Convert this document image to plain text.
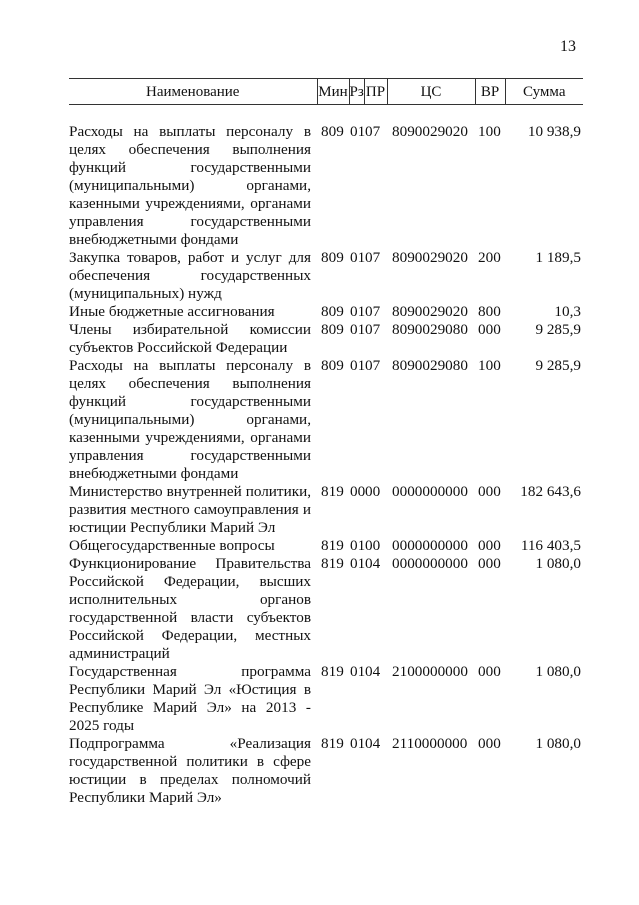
13
Наименование	Мин	Рз	ПР	ЦС	ВР	Сумма

Расходы на выплаты персоналу в целях обеспечения выполнения функций государственными (муниципальными) органами, казенными учреждениями, органами управления государственными внебюджетными фондами	809	01	07	8090029020	100	10 938,9
Закупка товаров, работ и услуг для обеспечения государственных (муниципальных) нужд	809	01	07	8090029020	200	1 189,5
Иные бюджетные ассигнования	809	01	07	8090029020	800	10,3
Члены избирательной комиссии субъектов Российской Федерации	809	01	07	8090029080	000	9 285,9
Расходы на выплаты персоналу в целях обеспечения выполнения функций государственными (муниципальными) органами, казенными учреждениями, органами управления государственными внебюджетными фондами	809	01	07	8090029080	100	9 285,9
Министерство внутренней политики, развития местного самоуправления и юстиции Республики Марий Эл	819	00	00	0000000000	000	182 643,6
Общегосударственные вопросы	819	01	00	0000000000	000	116 403,5
Функционирование Правительства Российской Федерации, высших исполнительных органов государственной власти субъектов Российской Федерации, местных администраций	819	01	04	0000000000	000	1 080,0
Государственная программа Республики Марий Эл «Юстиция в Республике Марий Эл» на 2013 - 2025 годы	819	01	04	2100000000	000	1 080,0
Подпрограмма «Реализация государственной политики в сфере юстиции в пределах полномочий Республики Марий Эл»	819	01	04	2110000000	000	1 080,0
